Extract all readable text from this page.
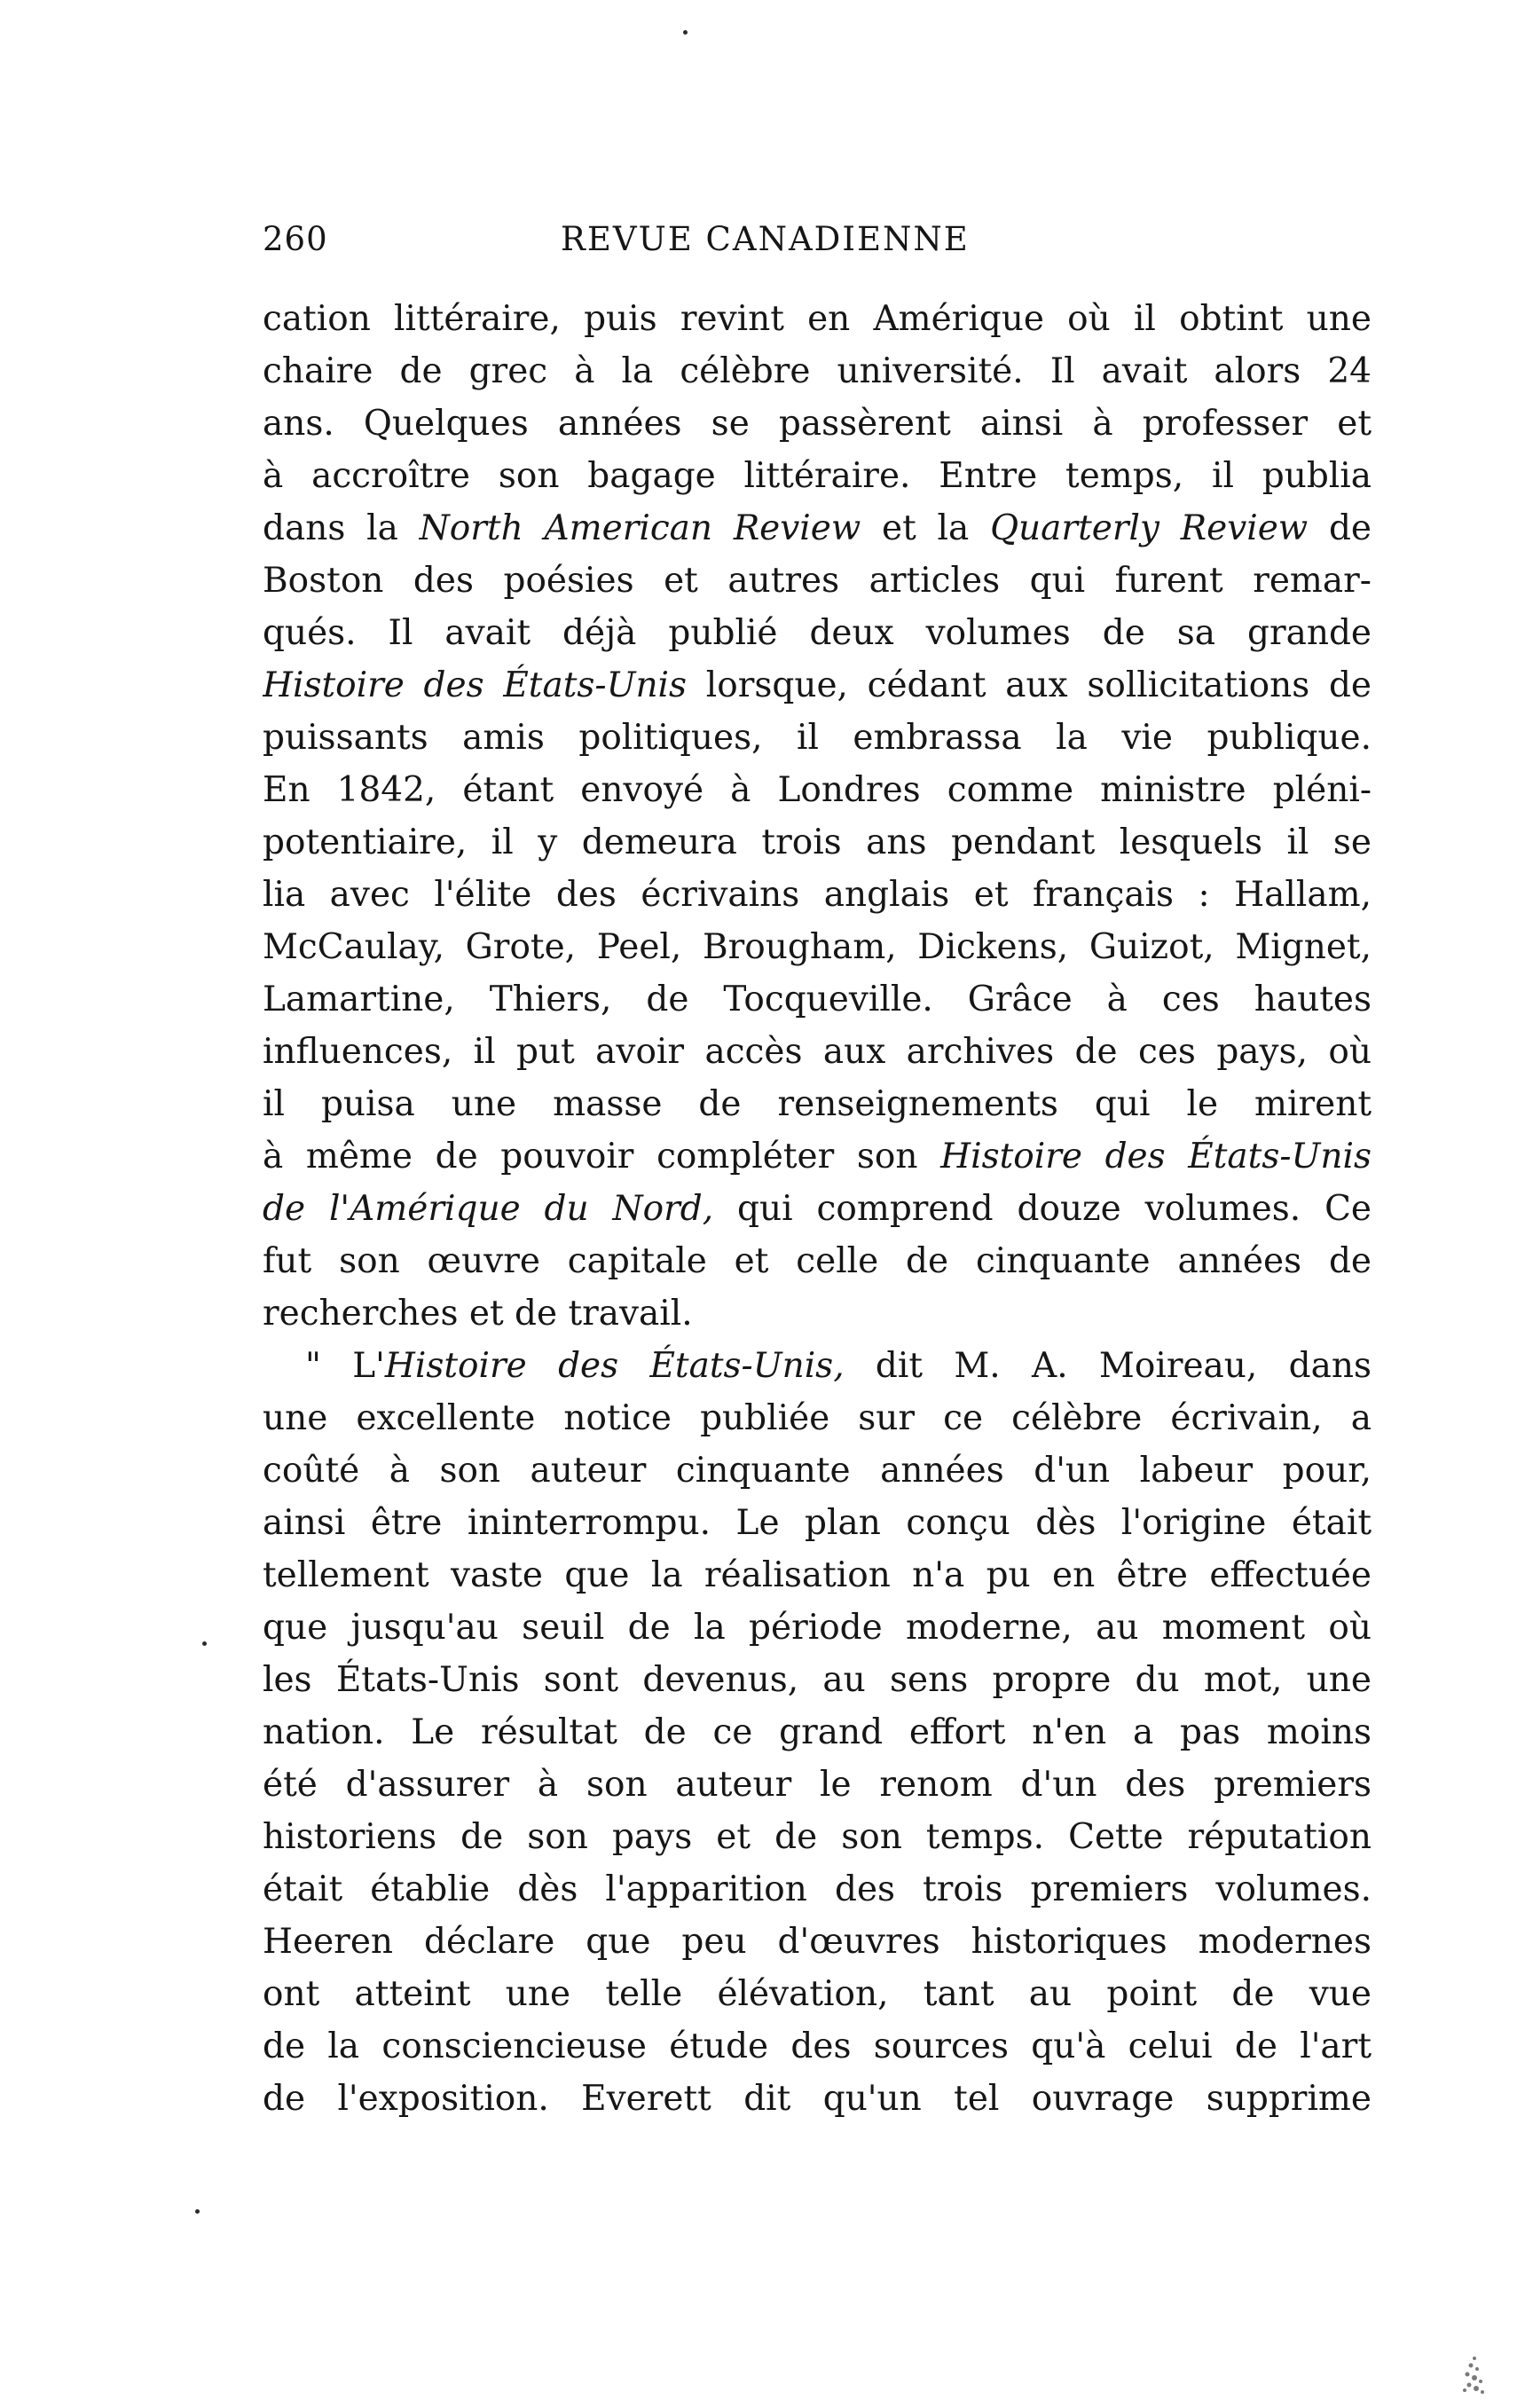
260	REVUE CANADIENNE
cation littéraire, puis revint en Amérique où il obtint une
chaire de grec à la célèbre université. Il avait alors 24
ans. Quelques années se passèrent ainsi à professer et
à accroître son bagage littéraire. Entre temps, il publia
dans la North American Review et la Quarterly Review de
Boston des poésies et autres articles qui furent remar-
qués. Il avait déjà publié deux volumes de sa grande
Histoire des États-Unis lorsque, cédant aux sollicitations de
puissants amis politiques, il embrassa la vie publique.
En 1842, étant envoyé à Londres comme ministre pléni-
potentiaire, il y demeura trois ans pendant lesquels il se
lia avec l'élite des écrivains anglais et français : Hallam,
McCaulay, Grote, Peel, Brougham, Dickens, Guizot, Mignet,
Lamartine, Thiers, de Tocqueville. Grâce à ces hautes
influences, il put avoir accès aux archives de ces pays, où
il puisa une masse de renseignements qui le mirent
à même de pouvoir compléter son Histoire des États-Unis
de l'Amérique du Nord, qui comprend douze volumes. Ce
fut son œuvre capitale et celle de cinquante années de
recherches et de travail.
" L'Histoire des États-Unis, dit M. A. Moireau, dans
une excellente notice publiée sur ce célèbre écrivain, a
coûté à son auteur cinquante années d'un labeur pour,
ainsi être ininterrompu. Le plan conçu dès l'origine était
tellement vaste que la réalisation n'a pu en être effectuée
que jusqu'au seuil de la période moderne, au moment où
les États-Unis sont devenus, au sens propre du mot, une
nation. Le résultat de ce grand effort n'en a pas moins
été d'assurer à son auteur le renom d'un des premiers
historiens de son pays et de son temps. Cette réputation
était établie dès l'apparition des trois premiers volumes.
Heeren déclare que peu d'œuvres historiques modernes
ont atteint une telle élévation, tant au point de vue
de la consciencieuse étude des sources qu'à celui de l'art
de l'exposition. Everett dit qu'un tel ouvrage supprime
